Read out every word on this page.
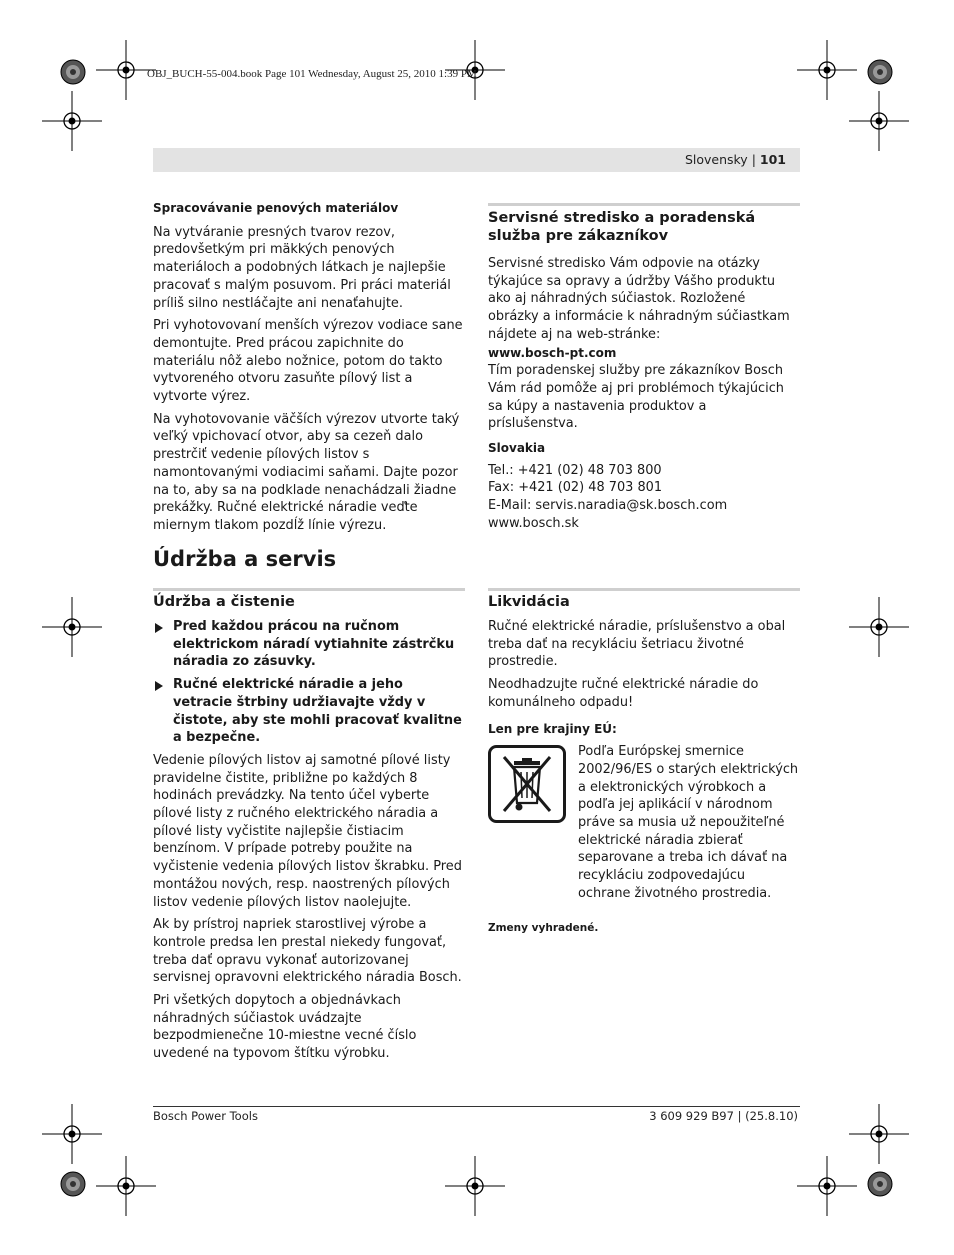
OBJ_BUCH-55-004.book Page 101 Wednesday, August 25, 2010 1:39 PM
Slovensky | 101
Spracovávanie penových materiálov

Na vytváranie presných tvarov rezov, predovšetkým pri mäkkých penových materiáloch a podobných látkach je najlepšie pracovať s malým posuvom. Pri práci materiál príliš silno nestláčajte ani nenaťahujte.

Pri vyhotovovaní menších výrezov vodiace sane demontujte. Pred prácou zapichnite do materiálu nôž alebo nožnice, potom do takto vytvoreného otvoru zasuňte pílový list a vytvorte výrez.

Na vyhotovovanie väčších výrezov utvorte taký veľký vpichovací otvor, aby sa cezeň dalo prestrčiť vedenie pílových listov s namontovanými vodiacimi saňami. Dajte pozor na to, aby sa na podklade nenachádzali žiadne prekážky. Ručné elektrické náradie veďte miernym tlakom pozdĺž línie výrezu.

Servisné stredisko a poradenská služba pre zákazníkov

Servisné stredisko Vám odpovie na otázky týkajúce sa opravy a údržby Vášho produktu ako aj náhradných súčiastok. Rozložené obrázky a informácie k náhradným súčiastkam nájdete aj na web-stránke:

www.bosch-pt.com

Tím poradenskej služby pre zákazníkov Bosch Vám rád pomôže aj pri problémoch týkajúcich sa kúpy a nastavenia produktov a príslušenstva.

Slovakia
Tel.: +421 (02) 48 703 800
Fax: +421 (02) 48 703 801
E-Mail: servis.naradia@sk.bosch.com
www.bosch.sk
Údržba a servis
Údržba a čistenie
Pred každou prácou na ručnom elektrickom náradí vytiahnite zástrčku náradia zo zásuvky.
Ručné elektrické náradie a jeho vetracie štrbiny udržiavajte vždy v čistote, aby ste mohli pracovať kvalitne a bezpečne.

Vedenie pílových listov aj samotné pílové listy pravidelne čistite, približne po každých 8 hodinách prevádzky. Na tento účel vyberte pílové listy z ručného elektrického náradia a pílové listy vyčistite najlepšie čistiacim benzínom. V prípade potreby použite na vyčistenie vedenia pílových listov škrabku. Pred montážou nových, resp. naostrených pílových listov vedenie pílových listov naolejujte.

Ak by prístroj napriek starostlivej výrobe a kontrole predsa len prestal niekedy fungovať, treba dať opravu vykonať autorizovanej servisnej opravovni elektrického náradia Bosch.

Pri všetkých dopytoch a objednávkach náhradných súčiastok uvádzajte bezpodmienečne 10-miestne vecné číslo uvedené na typovom štítku výrobku.

Likvidácia

Ručné elektrické náradie, príslušenstvo a obal treba dať na recykláciu šetriacu životné prostredie.

Neodhadzujte ručné elektrické náradie do komunálneho odpadu!

Len pre krajiny EÚ:

Podľa Európskej smernice 2002/96/ES o starých elektrických a elektronických výrobkoch a podľa jej aplikácií v národnom práve sa musia už nepoužiteľné elektrické náradia zbierať separovane a treba ich dávať na recykláciu zodpovedajúcu ochrane životného prostredia.

Zmeny vyhradené.
Bosch Power Tools	3 609 929 B97 | (25.8.10)
